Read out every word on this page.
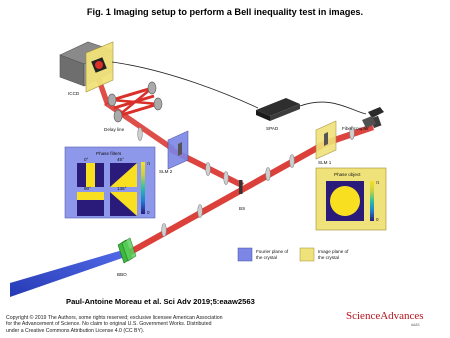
Fig. 1 Imaging setup to perform a Bell inequality test in images.
ICCD
Delay line	SPAD	Fiber coupler
SLM 1
SLM 2
BS
BBO
Phase filters
Phase object
0°	45°
90°	135°
π
0
π
0
Fourier plane of the crystal
Image plane of the crystal
Paul-Antoine Moreau et al. Sci Adv 2019;5:eaaw2563
Copyright © 2019 The Authors, some rights reserved; exclusive licensee American Association
for the Advancement of Science. No claim to original U.S. Government Works. Distributed
under a Creative Commons Attribution License 4.0 (CC BY).
ScienceAdvances
AAAS
